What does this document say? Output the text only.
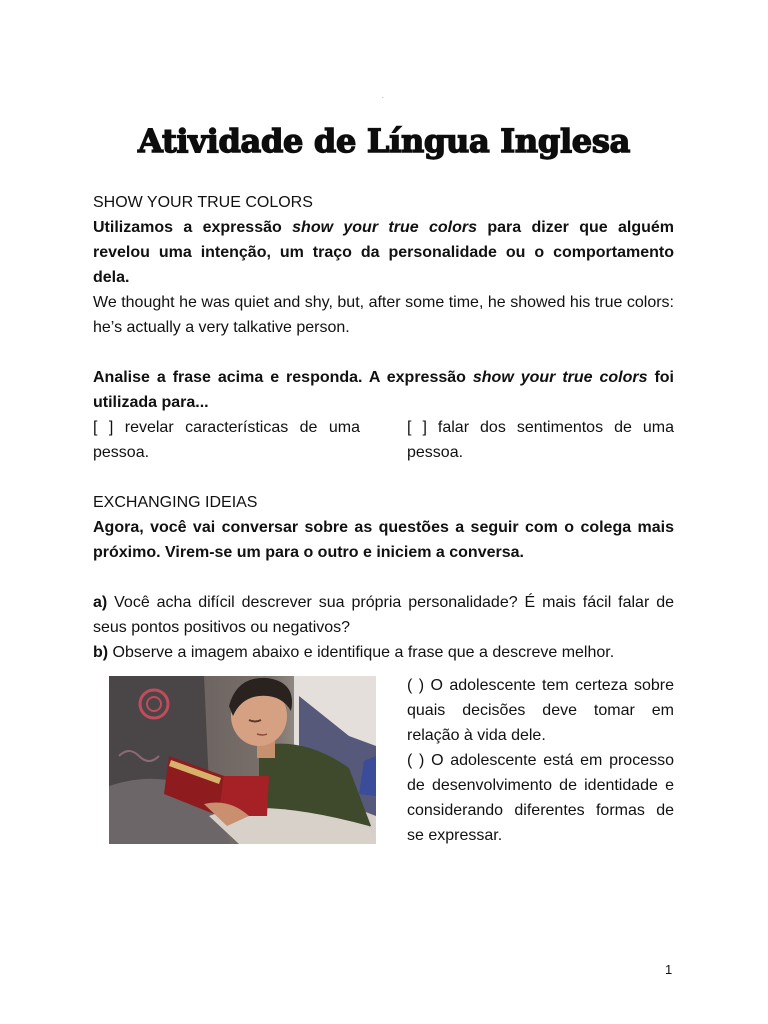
.
Atividade de Língua Inglesa

SHOW YOUR TRUE COLORS

Utilizamos a expressão show your true colors para dizer que alguém revelou uma intenção, um traço da personalidade ou o comportamento dela.

We thought he was quiet and shy, but, after some time, he showed his true colors: he’s actually a very talkative person.

Analise a frase acima e responda. A expressão show your true colors foi utilizada para...

[ ] revelar características de uma pessoa.

[ ] falar dos sentimentos de uma pessoa.

EXCHANGING IDEIAS

Agora, você vai conversar sobre as questões a seguir com o colega mais próximo. Virem-se um para o outro e iniciem a conversa.

a) Você acha difícil descrever sua própria personalidade? É mais fácil falar de seus pontos positivos ou negativos?

b) Observe a imagem abaixo e identifique a frase que a descreve melhor.

( ) O adolescente tem certeza sobre quais decisões deve tomar em relação à vida dele.

( ) O adolescente está em processo de desenvolvimento de identidade e considerando diferentes formas de se expressar.

1
